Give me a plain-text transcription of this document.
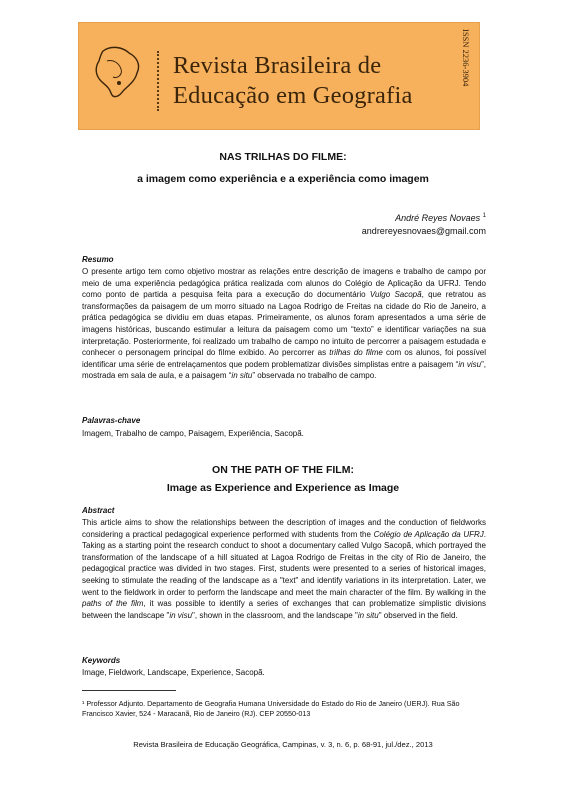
Revista Brasileira de
Educação em Geografia
ISSN 2236-3904
NAS TRILHAS DO FILME:
a imagem como experiência e a experiência como imagem
André Reyes Novaes $^1$
andrereyesnovaes@gmail.com
Resumo
O presente artigo tem como objetivo mostrar as relações entre descrição de imagens e trabalho de campo por meio de uma experiência pedagógica prática realizada com alunos do Colégio de Aplicação da UFRJ. Tendo como ponto de partida a pesquisa feita para a execução do documentário Vulgo Sacopã, que retratou as transformações da paisagem de um morro situado na Lagoa Rodrigo de Freitas na cidade do Rio de Janeiro, a prática pedagógica se dividiu em duas etapas. Primeiramente, os alunos foram apresentados a uma série de imagens históricas, buscando estimular a leitura da paisagem como um “texto” e identificar variações na sua interpretação. Posteriormente, foi realizado um trabalho de campo no intuito de percorrer a paisagem estudada e conhecer o personagem principal do filme exibido. Ao percorrer as trilhas do filme com os alunos, foi possível identificar uma série de entrelaçamentos que podem problematizar divisões simplistas entre a paisagem “in visu”, mostrada em sala de aula, e a paisagem “in situ” observada no trabalho de campo.
Palavras-chave
Imagem, Trabalho de campo, Paisagem, Experiência, Sacopã.
ON THE PATH OF THE FILM:
Image as Experience and Experience as Image
Abstract
This article aims to show the relationships between the description of images and the conduction of fieldworks considering a practical pedagogical experience performed with students from the Colégio de Aplicação da UFRJ. Taking as a starting point the research conduct to shoot a documentary called Vulgo Sacopã, which portrayed the transformation of the landscape of a hill situated at Lagoa Rodrigo de Freitas in the city of Rio de Janeiro, the pedagogical practice was divided in two stages. First, students were presented to a series of historical images, seeking to stimulate the reading of the landscape as a "text" and identify variations in its interpretation. Later, we went to the fieldwork in order to perform the landscape and meet the main character of the film. By walking in the paths of the film, it was possible to identify a series of exchanges that can problematize simplistic divisions between the landscape "in visu", shown in the classroom, and the landscape "in situ" observed in the field.
Keywords
Image, Fieldwork, Landscape, Experience, Sacopã.
¹ Professor Adjunto. Departamento de Geografia Humana Universidade do Estado do Rio de Janeiro (UERJ). Rua São Francisco Xavier, 524 - Maracanã, Rio de Janeiro (RJ). CEP 20550-013
Revista Brasileira de Educação Geográfica, Campinas, v. 3, n. 6, p. 68-91, jul./dez., 2013
